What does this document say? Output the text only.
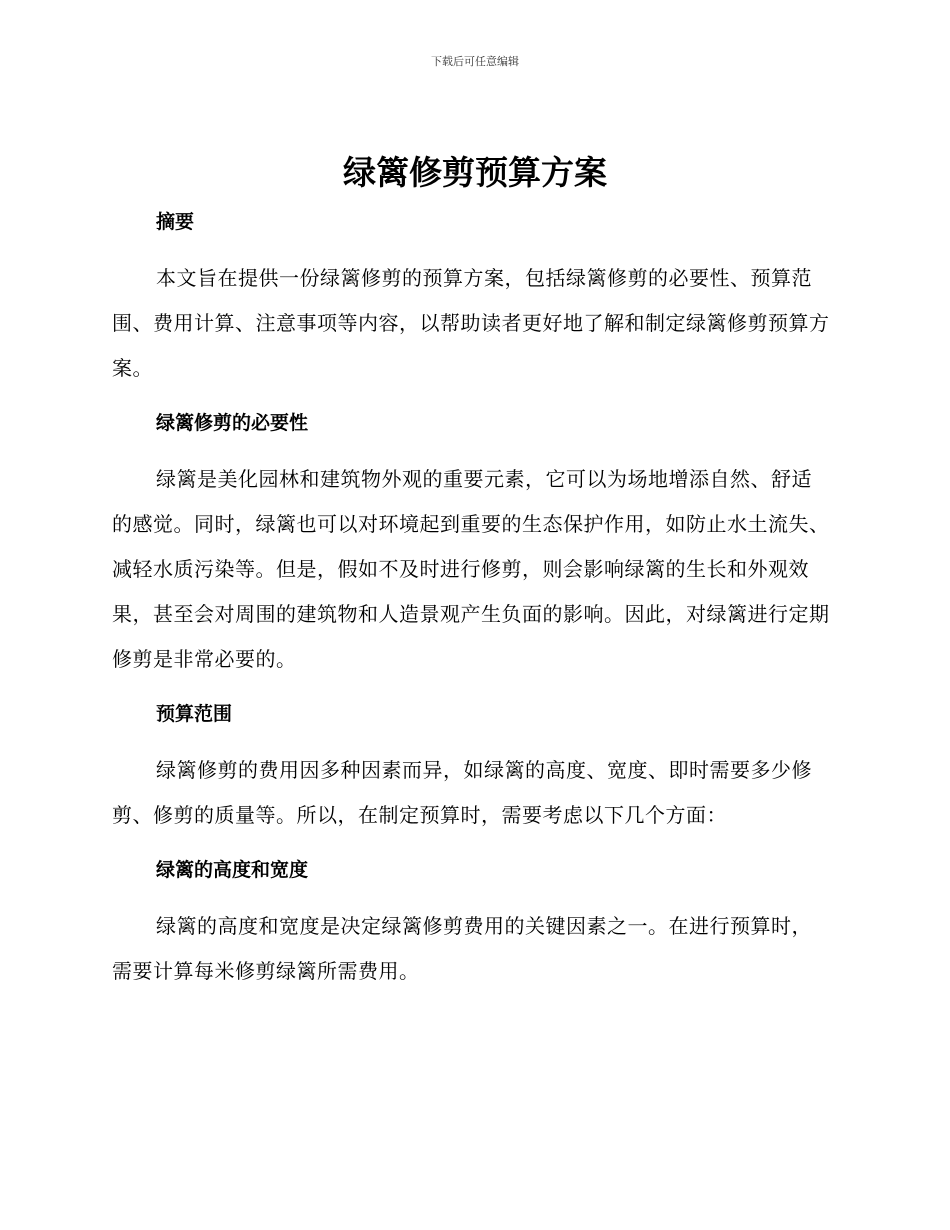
下载后可任意编辑
绿篱修剪预算方案
摘要

本文旨在提供一份绿篱修剪的预算方案，包括绿篱修剪的必要性、预算范围、费用计算、注意事项等内容，以帮助读者更好地了解和制定绿篱修剪预算方案。

绿篱修剪的必要性

绿篱是美化园林和建筑物外观的重要元素，它可以为场地增添自然、舒适的感觉。同时，绿篱也可以对环境起到重要的生态保护作用，如防止水土流失、减轻水质污染等。但是，假如不及时进行修剪，则会影响绿篱的生长和外观效果，甚至会对周围的建筑物和人造景观产生负面的影响。因此，对绿篱进行定期修剪是非常必要的。

预算范围

绿篱修剪的费用因多种因素而异，如绿篱的高度、宽度、即时需要多少修剪、修剪的质量等。所以，在制定预算时，需要考虑以下几个方面：

绿篱的高度和宽度

绿篱的高度和宽度是决定绿篱修剪费用的关键因素之一。在进行预算时，需要计算每米修剪绿篱所需费用。
